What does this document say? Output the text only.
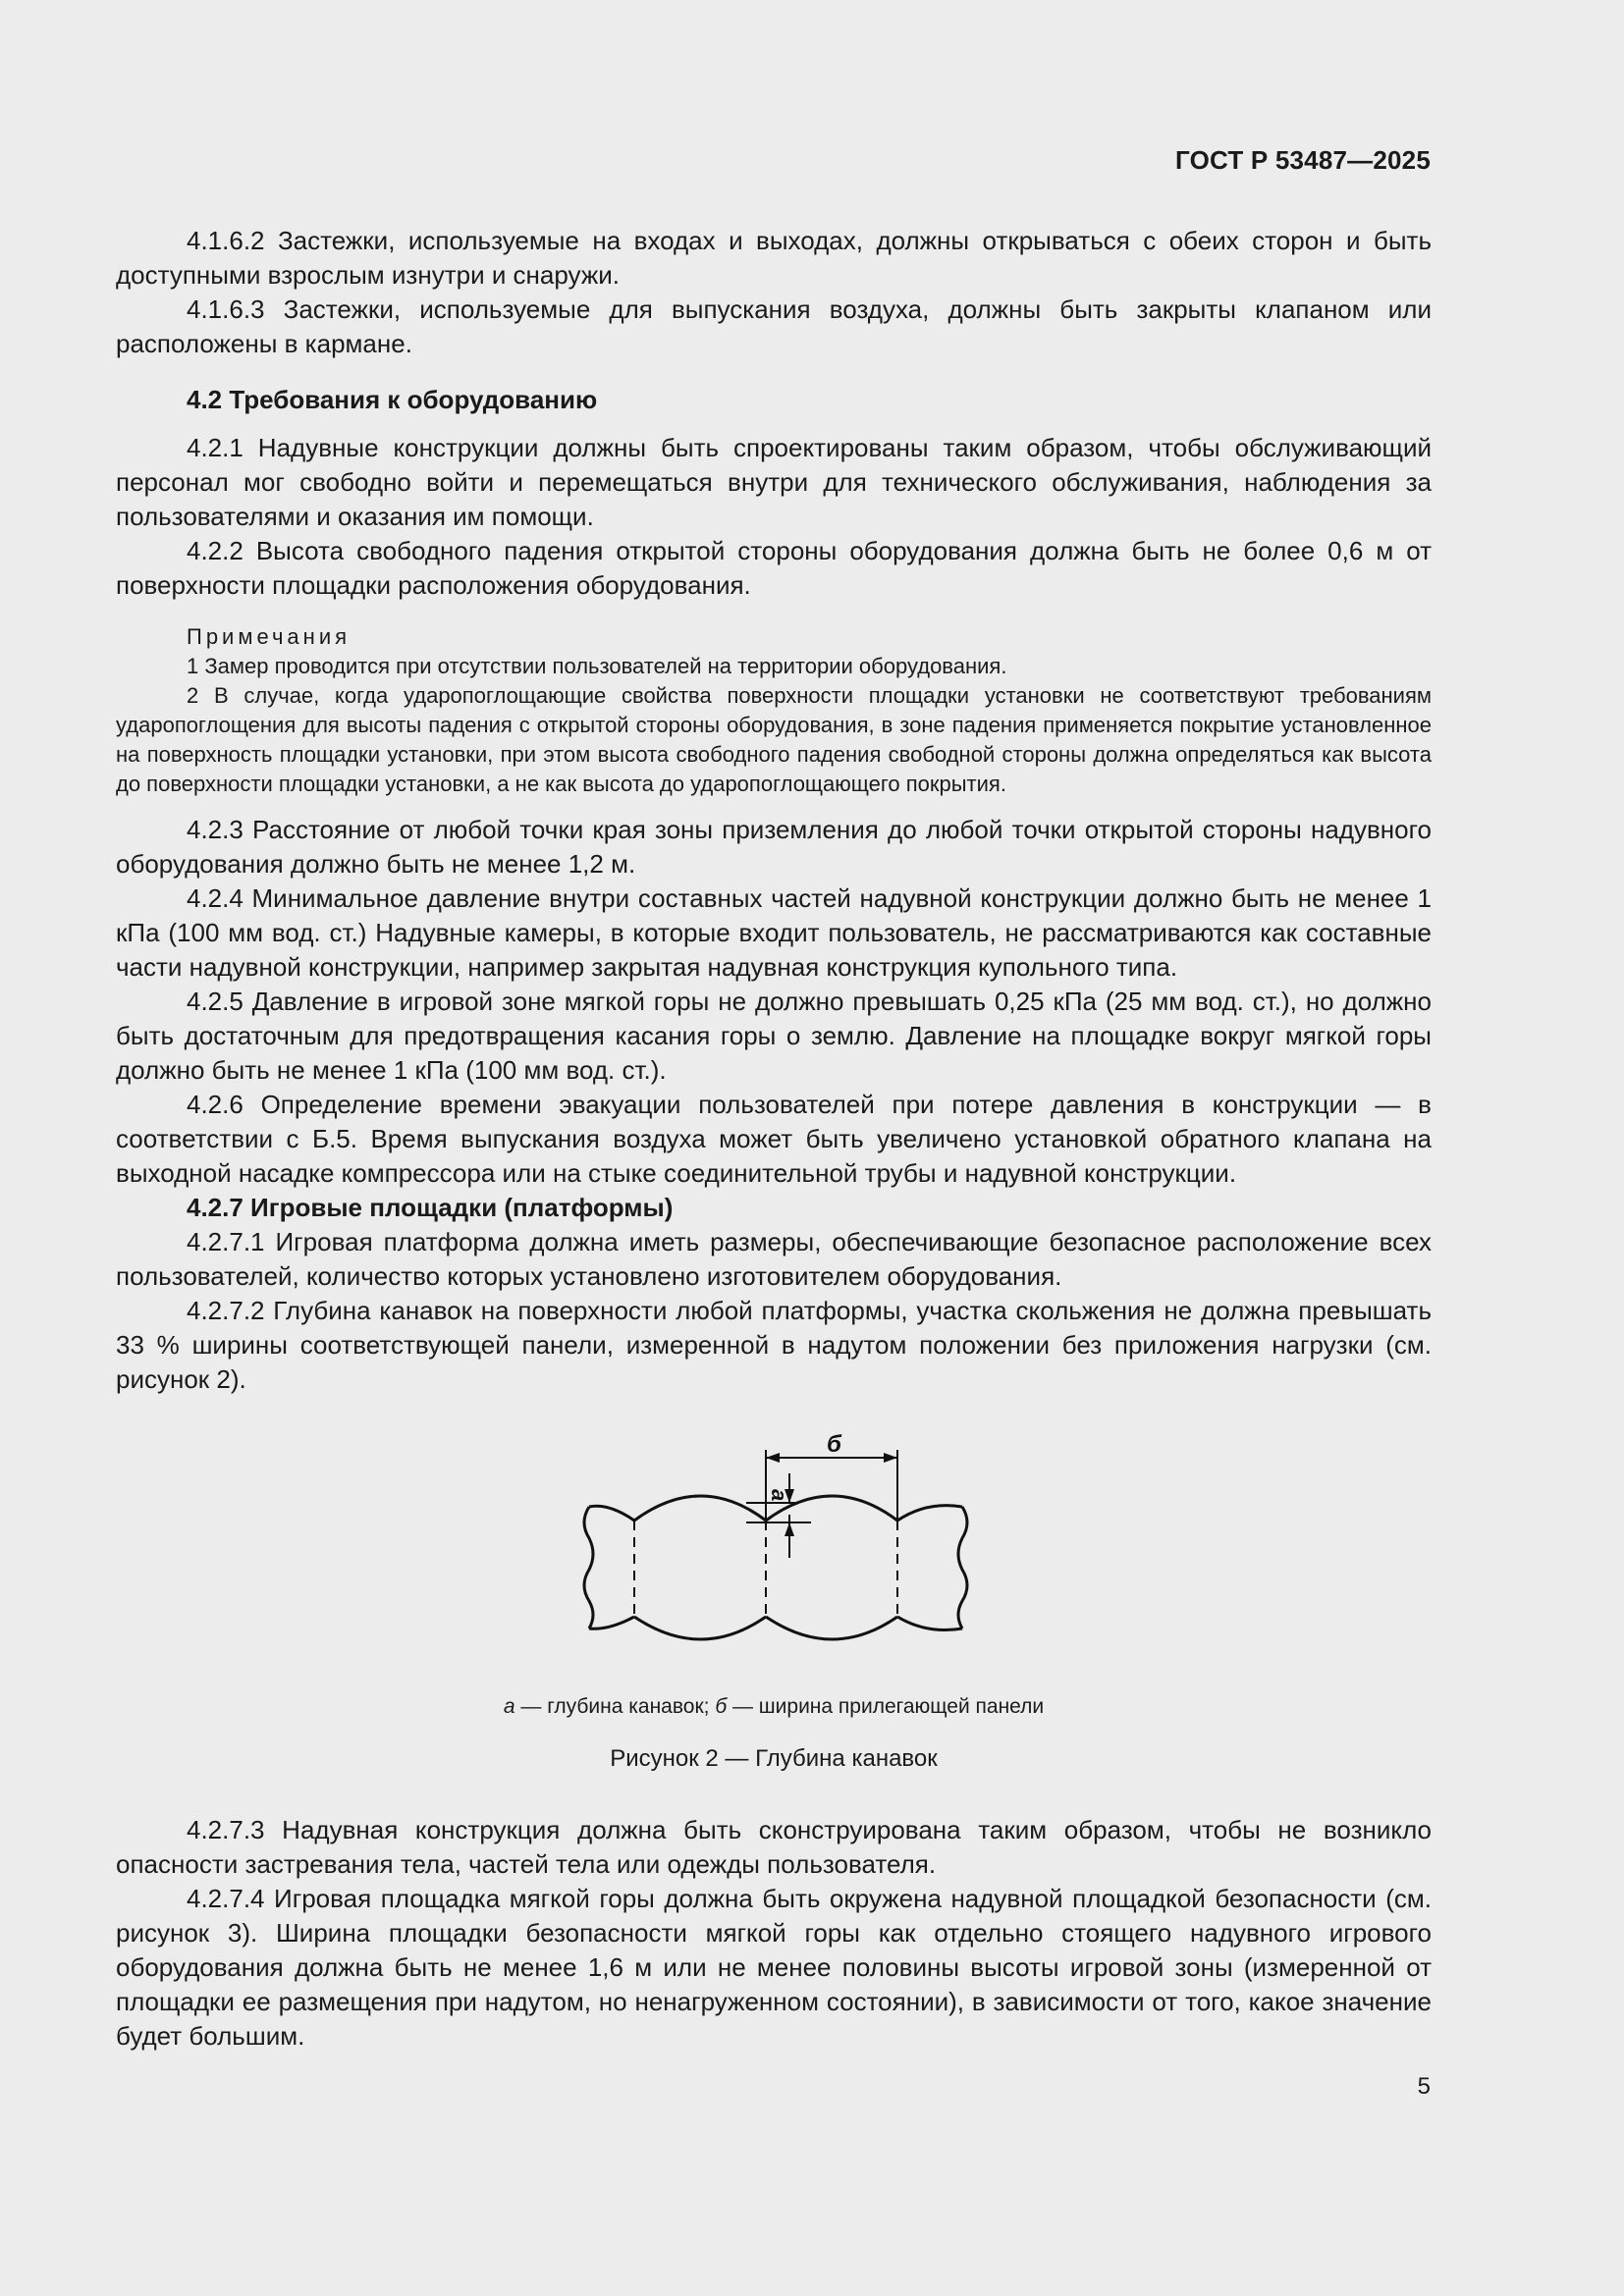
ГОСТ Р 53487—2025

4.1.6.2 Застежки, используемые на входах и выходах, должны открываться с обеих сторон и быть доступными взрослым изнутри и снаружи.

4.1.6.3 Застежки, используемые для выпускания воздуха, должны быть закрыты клапаном или расположены в кармане.

4.2 Требования к оборудованию

4.2.1 Надувные конструкции должны быть спроектированы таким образом, чтобы обслуживающий персонал мог свободно войти и перемещаться внутри для технического обслуживания, наблюдения за пользователями и оказания им помощи.

4.2.2 Высота свободного падения открытой стороны оборудования должна быть не более 0,6 м от поверхности площадки расположения оборудования.

Примечания

1 Замер проводится при отсутствии пользователей на территории оборудования.

2 В случае, когда ударопоглощающие свойства поверхности площадки установки не соответствуют требованиям ударопоглощения для высоты падения с открытой стороны оборудования, в зоне падения применяется покрытие установленное на поверхность площадки установки, при этом высота свободного падения свободной стороны должна определяться как высота до поверхности площадки установки, а не как высота до ударопоглощающего покрытия.

4.2.3 Расстояние от любой точки края зоны приземления до любой точки открытой стороны надувного оборудования должно быть не менее 1,2 м.

4.2.4 Минимальное давление внутри составных частей надувной конструкции должно быть не менее 1 кПа (100 мм вод. ст.) Надувные камеры, в которые входит пользователь, не рассматриваются как составные части надувной конструкции, например закрытая надувная конструкция купольного типа.

4.2.5 Давление в игровой зоне мягкой горы не должно превышать 0,25 кПа (25 мм вод. ст.), но должно быть достаточным для предотвращения касания горы о землю. Давление на площадке вокруг мягкой горы должно быть не менее 1 кПа (100 мм вод. ст.).

4.2.6 Определение времени эвакуации пользователей при потере давления в конструкции — в соответствии с Б.5. Время выпускания воздуха может быть увеличено установкой обратного клапана на выходной насадке компрессора или на стыке соединительной трубы и надувной конструкции.

4.2.7 Игровые площадки (платформы)

4.2.7.1 Игровая платформа должна иметь размеры, обеспечивающие безопасное расположение всех пользователей, количество которых установлено изготовителем оборудования.

4.2.7.2 Глубина канавок на поверхности любой платформы, участка скольжения не должна превышать 33 % ширины соответствующей панели, измеренной в надутом положении без приложения нагрузки (см. рисунок 2).

б
а
а — глубина канавок; б — ширина прилегающей панели
Рисунок 2 — Глубина канавок

4.2.7.3 Надувная конструкция должна быть сконструирована таким образом, чтобы не возникло опасности застревания тела, частей тела или одежды пользователя.

4.2.7.4 Игровая площадка мягкой горы должна быть окружена надувной площадкой безопасности (см. рисунок 3). Ширина площадки безопасности мягкой горы как отдельно стоящего надувного игрового оборудования должна быть не менее 1,6 м или не менее половины высоты игровой зоны (измеренной от площадки ее размещения при надутом, но ненагруженном состоянии), в зависимости от того, какое значение будет большим.

5
